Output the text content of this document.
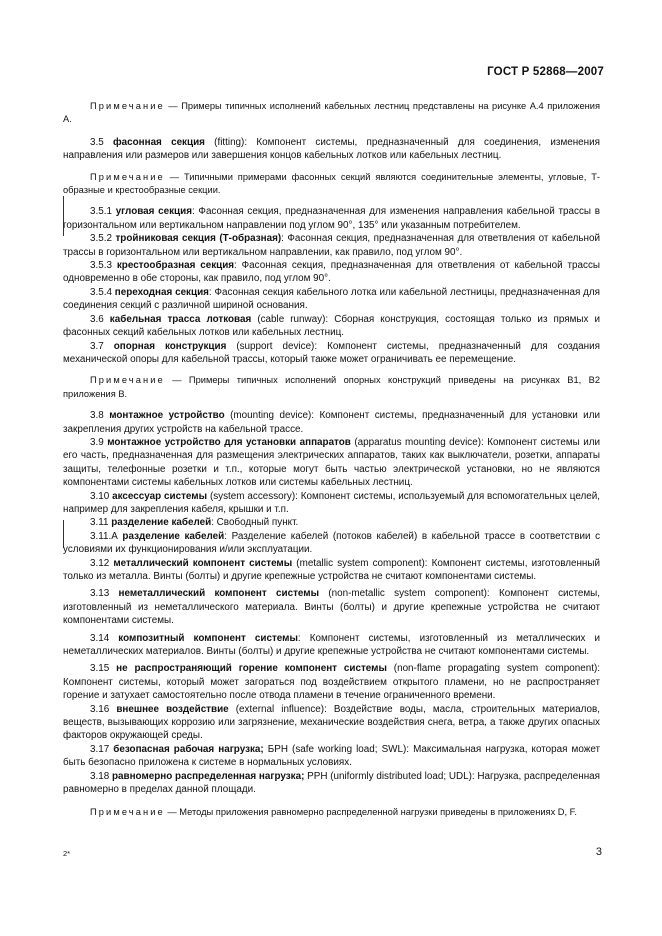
ГОСТ Р 52868—2007

Примечание — Примеры типичных исполнений кабельных лестниц представлены на рисунке А.4 приложения А.

3.5 фасонная секция (fitting): Компонент системы, предназначенный для соединения, изменения направления или размеров или завершения концов кабельных лотков или кабельных лестниц.

Примечание — Типичными примерами фасонных секций являются соединительные элементы, угловые, Т-образные и крестообразные секции.

3.5.1 угловая секция: Фасонная секция, предназначенная для изменения направления кабельной трассы в горизонтальном или вертикальном направлении под углом 90°, 135° или указанным потребителем.

3.5.2 тройниковая секция (Т-образная): Фасонная секция, предназначенная для ответвления от кабельной трассы в горизонтальном или вертикальном направлении, как правило, под углом 90°.

3.5.3 крестообразная секция: Фасонная секция, предназначенная для ответвления от кабельной трассы одновременно в обе стороны, как правило, под углом 90°.

3.5.4 переходная секция: Фасонная секция кабельного лотка или кабельной лестницы, предназначенная для соединения секций с различной шириной основания.

3.6 кабельная трасса лотковая (cable runway): Сборная конструкция, состоящая только из прямых и фасонных секций кабельных лотков или кабельных лестниц.

3.7 опорная конструкция (support device): Компонент системы, предназначенный для создания механической опоры для кабельной трассы, который также может ограничивать ее перемещение.

Примечание — Примеры типичных исполнений опорных конструкций приведены на рисунках В1, В2 приложения В.

3.8 монтажное устройство (mounting device): Компонент системы, предназначенный для установки или закрепления других устройств на кабельной трассе.

3.9 монтажное устройство для установки аппаратов (apparatus mounting device): Компонент системы или его часть, предназначенная для размещения электрических аппаратов, таких как выключатели, розетки, аппараты защиты, телефонные розетки и т.п., которые могут быть частью электрической установки, но не являются компонентами системы кабельных лотков или системы кабельных лестниц.

3.10 аксессуар системы (system accessory): Компонент системы, используемый для вспомогательных целей, например для закрепления кабеля, крышки и т.п.

3.11 разделение кабелей: Свободный пункт.

3.11.А разделение кабелей: Разделение кабелей (потоков кабелей) в кабельной трассе в соответствии с условиями их функционирования и/или эксплуатации.

3.12 металлический компонент системы (metallic system component): Компонент системы, изготовленный только из металла. Винты (болты) и другие крепежные устройства не считают компонентами системы.

3.13 неметаллический компонент системы (non-metallic system component): Компонент системы, изготовленный из неметаллического материала. Винты (болты) и другие крепежные устройства не считают компонентами системы.

3.14 композитный компонент системы: Компонент системы, изготовленный из металлических и неметаллических материалов. Винты (болты) и другие крепежные устройства не считают компонентами системы.

3.15 не распространяющий горение компонент системы (non-flame propagating system component): Компонент системы, который может загораться под воздействием открытого пламени, но не распространяет горение и затухает самостоятельно после отвода пламени в течение ограниченного времени.

3.16 внешнее воздействие (external influence): Воздействие воды, масла, строительных материалов, веществ, вызывающих коррозию или загрязнение, механические воздействия снега, ветра, а также других опасных факторов окружающей среды.

3.17 безопасная рабочая нагрузка; БРН (safe working load; SWL): Максимальная нагрузка, которая может быть безопасно приложена к системе в нормальных условиях.

3.18 равномерно распределенная нагрузка; РРН (uniformly distributed load; UDL): Нагрузка, распределенная равномерно в пределах данной площади.

Примечание — Методы приложения равномерно распределенной нагрузки приведены в приложениях D, F.

2*	3
